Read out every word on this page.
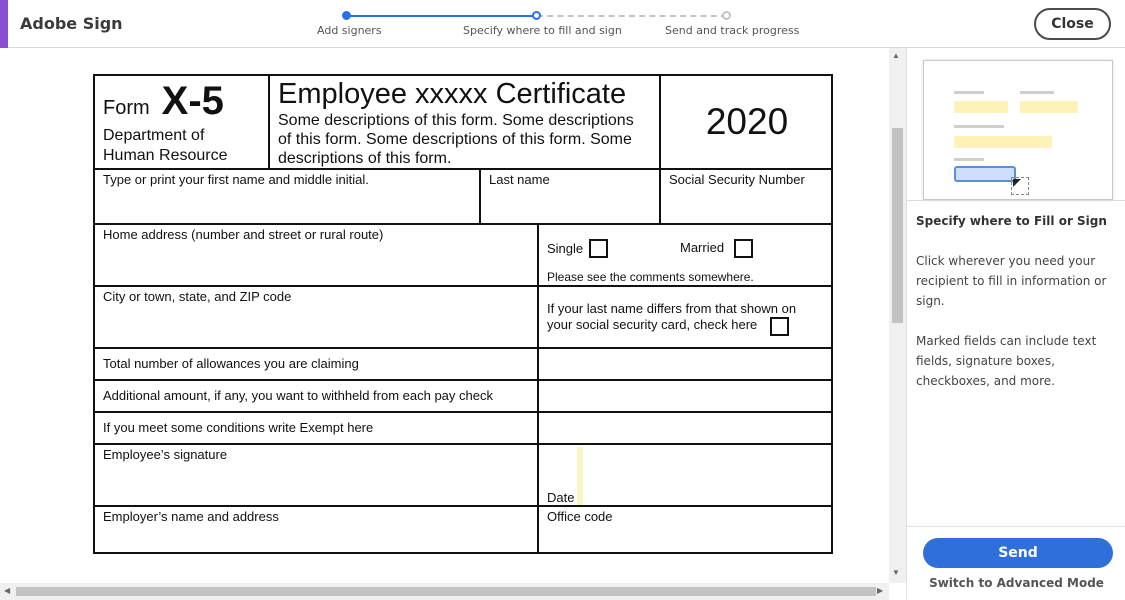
Adobe Sign	Add signers	Specify where to fill and sign	Send and track progress	Close
Form X-5
Department of Human Resource
Employee xxxxx Certificate
Some descriptions of this form. Some descriptions of this form. Some descriptions of this form. Some descriptions of this form.
2020
Type or print your first name and middle initial.	Last name	Social Security Number
Home address (number and street or rural route)
Single	Married
Please see the comments somewhere.
City or town, state, and ZIP code
If your last name differs from that shown on your social security card, check here
Total number of allowances you are claiming
Additional amount, if any, you want to withheld from each pay check
If you meet some conditions write Exempt here
Employee’s signature
Date
Employer’s name and address	Office code
▲
▼
◀	▶
Specify where to Fill or Sign
Click wherever you need your recipient to fill in information or sign.
Marked fields can include text fields, signature boxes, checkboxes, and more.
Send
Switch to Advanced Mode
